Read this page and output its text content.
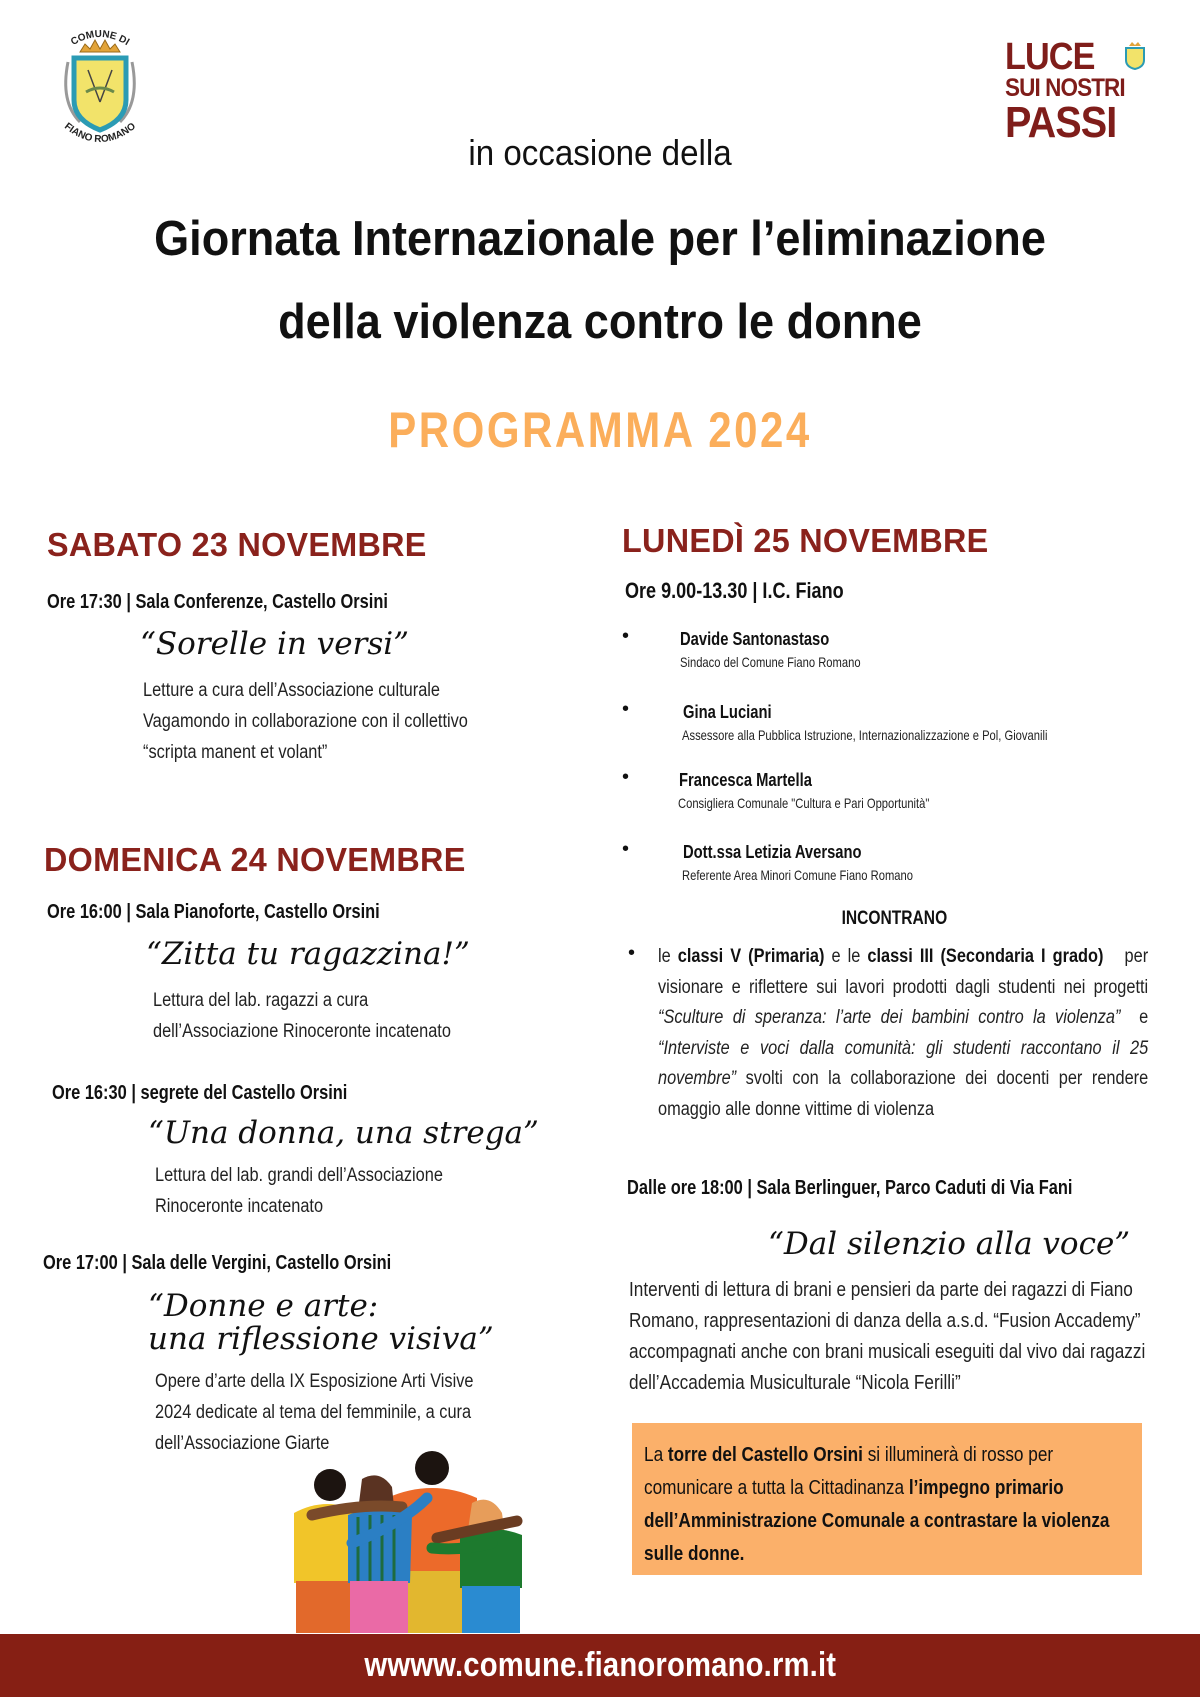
COMUNE DI
FIANO ROMANO
LUCE
SUI NOSTRI
PASSI
in occasione della
Giornata Internazionale per l’eliminazione
della violenza contro le donne
PROGRAMMA 2024
SABATO 23 NOVEMBRE
Ore 17:30 | Sala Conferenze, Castello Orsini
“Sorelle in versi”
Letture a cura dell’Associazione culturale
Vagamondo in collaborazione con il collettivo
“scripta manent et volant”
DOMENICA 24 NOVEMBRE
Ore 16:00 | Sala Pianoforte, Castello Orsini
“Zitta tu ragazzina!”
Lettura del lab. ragazzi a cura
dell’Associazione Rinoceronte incatenato
Ore 16:30 | segrete del Castello Orsini
“Una donna, una strega”
Lettura del lab. grandi dell’Associazione
Rinoceronte incatenato
Ore 17:00 | Sala delle Vergini, Castello Orsini
“Donne e arte:
una riflessione visiva”
Opere d’arte della IX Esposizione Arti Visive
2024 dedicate al tema del femminile, a cura
dell’Associazione Giarte
LUNEDÌ 25 NOVEMBRE
Ore 9.00-13.30 | I.C. Fiano
•	Davide Santonastaso
Sindaco del Comune Fiano Romano
•	Gina Luciani
Assessore alla Pubblica Istruzione, Internazionalizzazione e Pol, Giovanili
•	Francesca Martella
Consigliera Comunale "Cultura e Pari Opportunità"
•	Dott.ssa Letizia Aversano
Referente Area Minori Comune Fiano Romano
INCONTRANO
• le classi V (Primaria) e le classi III (Secondaria I grado)   per visionare e riflettere sui lavori prodotti dagli studenti nei progetti “Sculture di speranza: l’arte dei bambini contro la violenza”  e “Interviste e voci dalla comunità: gli studenti raccontano il 25 novembre” svolti con la collaborazione dei docenti per rendere omaggio alle donne vittime di violenza
Dalle ore 18:00 | Sala Berlinguer, Parco Caduti di Via Fani
“Dal silenzio alla voce”
Interventi di lettura di brani e pensieri da parte dei ragazzi di Fiano
Romano, rappresentazioni di danza della a.s.d. “Fusion Accademy”
accompagnati anche con brani musicali eseguiti dal vivo dai ragazzi
dell’Accademia Musiculturale “Nicola Ferilli”
La torre del Castello Orsini si illuminerà di rosso per comunicare a tutta la Cittadinanza l’impegno primario dell’Amministrazione Comunale a contrastare la violenza sulle donne.
wwww.comune.fianoromano.rm.it
